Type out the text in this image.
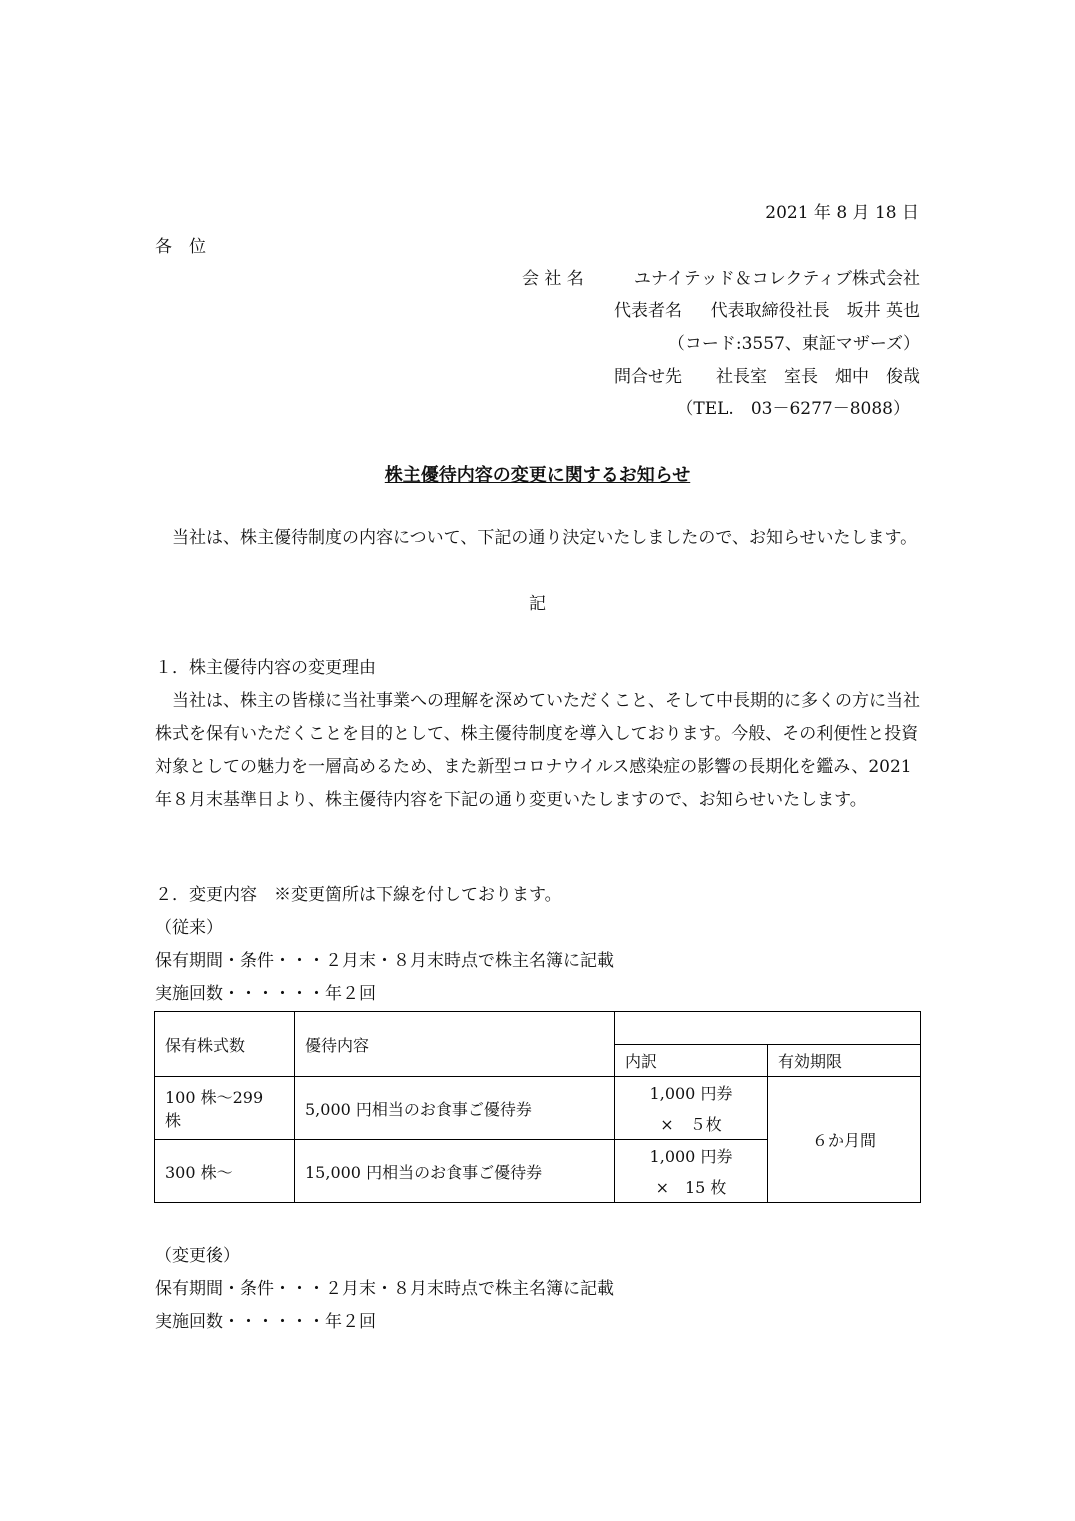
2021 年 8 月 18 日
各　位
会 社 名	ユナイテッド＆コレクティブ株式会社
代表者名 代表取締役社長　坂井 英也
（コード:3557、東証マザーズ）
問合せ先 社長室　室長　畑中　俊哉
（TEL.　03－6277－8088）
株主優待内容の変更に関するお知らせ
当社は、株主優待制度の内容について、下記の通り決定いたしましたので、お知らせいたします。
記
１．株主優待内容の変更理由
当社は、株主の皆様に当社事業への理解を深めていただくこと、そして中長期的に多くの方に当社株式を保有いただくことを目的として、株主優待制度を導入しております。今般、その利便性と投資対象としての魅力を一層高めるため、また新型コロナウイルス感染症の影響の長期化を鑑み、2021 年８月末基準日より、株主優待内容を下記の通り変更いたしますので、お知らせいたします。
２．変更内容　※変更箇所は下線を付しております。
（従来）
保有期間・条件・・・２月末・８月末時点で株主名簿に記載
実施回数・・・・・・年２回
保有株式数	優待内容		
		内訳	有効期限
100 株～299 株	5,000 円相当のお食事ご優待券	1,000 円券	６か月間
		×　５枚	
300 株～	15,000 円相当のお食事ご優待券	1,000 円券	
		×　15 枚	
（変更後）
保有期間・条件・・・２月末・８月末時点で株主名簿に記載
実施回数・・・・・・年２回
